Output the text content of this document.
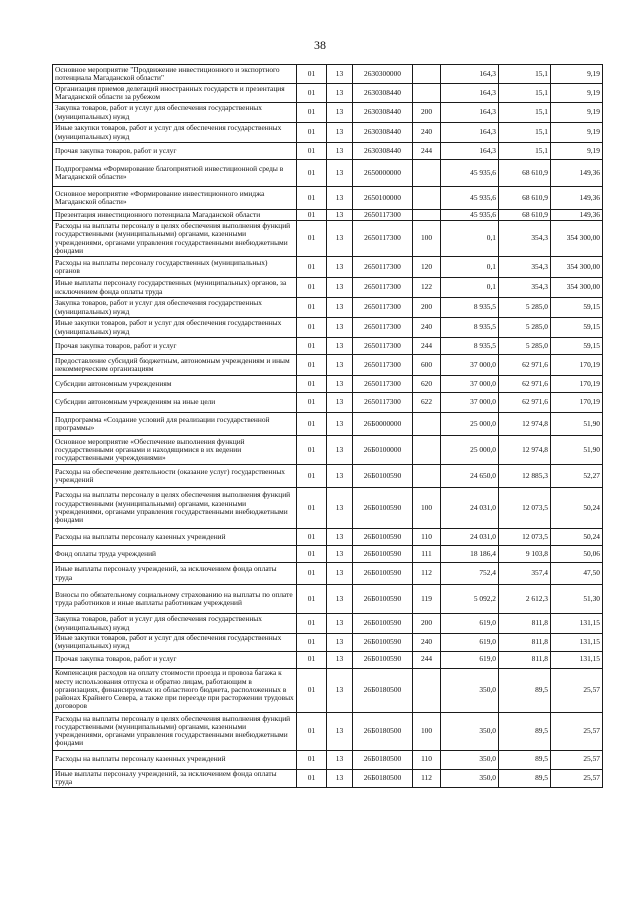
38
Основное мероприятие "Продвижение инвестиционного и экспортного потенциала Магаданской области"	01	13	2630300000		164,3	15,1	9,19
Организация приемов делегаций иностранных государств и презентация Магаданской области за рубежом	01	13	2630308440		164,3	15,1	9,19
Закупка товаров, работ и услуг для обеспечения государственных (муниципальных) нужд	01	13	2630308440	200	164,3	15,1	9,19
Иные закупки товаров, работ и услуг для обеспечения государственных (муниципальных) нужд	01	13	2630308440	240	164,3	15,1	9,19
Прочая закупка товаров, работ и услуг	01	13	2630308440	244	164,3	15,1	9,19
Подпрограмма «Формирование благоприятной инвестиционной среды в Магаданской области»	01	13	2650000000		45 935,6	68 610,9	149,36
Основное мероприятие «Формирование инвестиционного имиджа Магаданской области»	01	13	2650100000		45 935,6	68 610,9	149,36
Презентация инвестиционного потенциала Магаданской области	01	13	2650117300		45 935,6	68 610,9	149,36
Расходы на выплаты персоналу в целях обеспечения выполнения функций государственными (муниципальными) органами, казенными учреждениями, органами управления государственными внебюджетными фондами	01	13	2650117300	100	0,1	354,3	354 300,00
Расходы на выплаты персоналу государственных (муниципальных) органов	01	13	2650117300	120	0,1	354,3	354 300,00
Иные выплаты персоналу государственных (муниципальных) органов, за исключением фонда оплаты труда	01	13	2650117300	122	0,1	354,3	354 300,00
Закупка товаров, работ и услуг для обеспечения государственных (муниципальных) нужд	01	13	2650117300	200	8 935,5	5 285,0	59,15
Иные закупки товаров, работ и услуг для обеспечения государственных (муниципальных) нужд	01	13	2650117300	240	8 935,5	5 285,0	59,15
Прочая закупка товаров, работ и услуг	01	13	2650117300	244	8 935,5	5 285,0	59,15
Предоставление субсидий бюджетным, автономным учреждениям и иным некоммерческим организациям	01	13	2650117300	600	37 000,0	62 971,6	170,19
Субсидии автономным учреждениям	01	13	2650117300	620	37 000,0	62 971,6	170,19
Субсидии автономным учреждениям на иные цели	01	13	2650117300	622	37 000,0	62 971,6	170,19
Подпрограмма «Создание условий для реализации государственной программы»	01	13	26Б0000000		25 000,0	12 974,8	51,90
Основное мероприятие «Обеспечение выполнения функций государственными органами и находящимися в их ведении государственными учреждениями»	01	13	26Б0100000		25 000,0	12 974,8	51,90
Расходы на обеспечение деятельности (оказание услуг) государственных учреждений	01	13	26Б0100590		24 650,0	12 885,3	52,27
Расходы на выплаты персоналу в целях обеспечения выполнения функций государственными (муниципальными) органами, казенными учреждениями, органами управления государственными внебюджетными фондами	01	13	26Б0100590	100	24 031,0	12 073,5	50,24
Расходы на выплаты персоналу казенных учреждений	01	13	26Б0100590	110	24 031,0	12 073,5	50,24
Фонд оплаты труда учреждений	01	13	26Б0100590	111	18 186,4	9 103,8	50,06
Иные выплаты персоналу учреждений, за исключением фонда оплаты труда	01	13	26Б0100590	112	752,4	357,4	47,50
Взносы по обязательному социальному страхованию на выплаты по оплате труда работников и иные выплаты работникам учреждений	01	13	26Б0100590	119	5 092,2	2 612,3	51,30
Закупка товаров, работ и услуг для обеспечения государственных (муниципальных) нужд	01	13	26Б0100590	200	619,0	811,8	131,15
Иные закупки товаров, работ и услуг для обеспечения государственных (муниципальных) нужд	01	13	26Б0100590	240	619,0	811,8	131,15
Прочая закупка товаров, работ и услуг	01	13	26Б0100590	244	619,0	811,8	131,15
Компенсация расходов на оплату стоимости проезда и провоза багажа к месту использования отпуска и обратно лицам, работающим в организациях, финансируемых из областного бюджета, расположенных в районах Крайнего Севера, а также при переезде при расторжении трудовых договоров	01	13	26Б0180500		350,0	89,5	25,57
Расходы на выплаты персоналу в целях обеспечения выполнения функций государственными (муниципальными) органами, казенными учреждениями, органами управления государственными внебюджетными фондами	01	13	26Б0180500	100	350,0	89,5	25,57
Расходы на выплаты персоналу казенных учреждений	01	13	26Б0180500	110	350,0	89,5	25,57
Иные выплаты персоналу учреждений, за исключением фонда оплаты труда	01	13	26Б0180500	112	350,0	89,5	25,57
